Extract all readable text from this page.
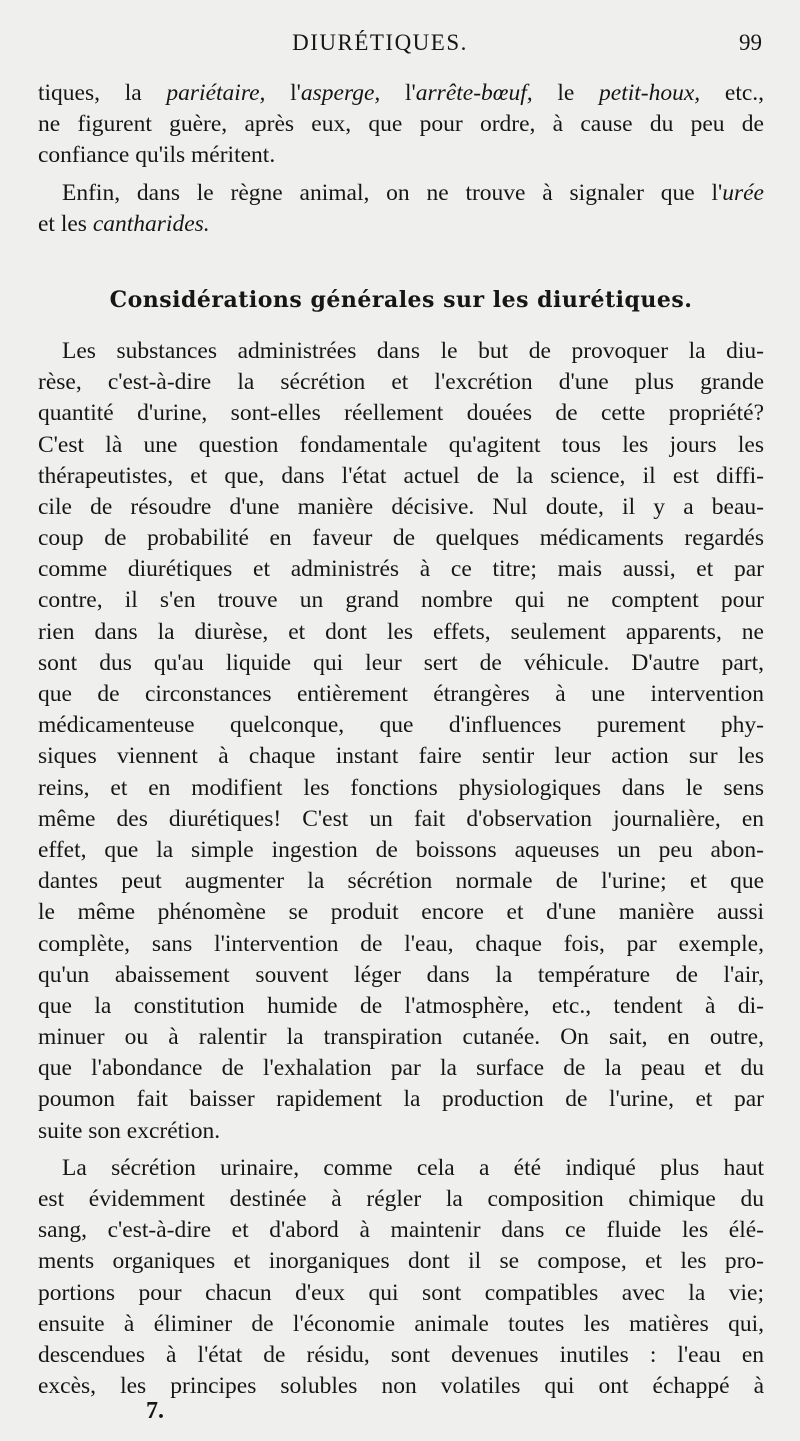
DIURÉTIQUES.	99
tiques, la pariétaire, l'asperge, l'arrête-bœuf, le petit-houx, etc.,
ne figurent guère, après eux, que pour ordre, à cause du peu de
confiance qu'ils méritent.
Enfin, dans le règne animal, on ne trouve à signaler que l'urée
et les cantharides.
Considérations générales sur les diurétiques.
Les substances administrées dans le but de provoquer la diu-
rèse, c'est-à-dire la sécrétion et l'excrétion d'une plus grande
quantité d'urine, sont-elles réellement douées de cette propriété?
C'est là une question fondamentale qu'agitent tous les jours les
thérapeutistes, et que, dans l'état actuel de la science, il est diffi-
cile de résoudre d'une manière décisive. Nul doute, il y a beau-
coup de probabilité en faveur de quelques médicaments regardés
comme diurétiques et administrés à ce titre; mais aussi, et par
contre, il s'en trouve un grand nombre qui ne comptent pour
rien dans la diurèse, et dont les effets, seulement apparents, ne
sont dus qu'au liquide qui leur sert de véhicule. D'autre part,
que de circonstances entièrement étrangères à une intervention
médicamenteuse quelconque, que d'influences purement phy-
siques viennent à chaque instant faire sentir leur action sur les
reins, et en modifient les fonctions physiologiques dans le sens
même des diurétiques! C'est un fait d'observation journalière, en
effet, que la simple ingestion de boissons aqueuses un peu abon-
dantes peut augmenter la sécrétion normale de l'urine; et que
le même phénomène se produit encore et d'une manière aussi
complète, sans l'intervention de l'eau, chaque fois, par exemple,
qu'un abaissement souvent léger dans la température de l'air,
que la constitution humide de l'atmosphère, etc., tendent à di-
minuer ou à ralentir la transpiration cutanée. On sait, en outre,
que l'abondance de l'exhalation par la surface de la peau et du
poumon fait baisser rapidement la production de l'urine, et par
suite son excrétion.
La sécrétion urinaire, comme cela a été indiqué plus haut
est évidemment destinée à régler la composition chimique du
sang, c'est-à-dire et d'abord à maintenir dans ce fluide les élé-
ments organiques et inorganiques dont il se compose, et les pro-
portions pour chacun d'eux qui sont compatibles avec la vie;
ensuite à éliminer de l'économie animale toutes les matières qui,
descendues à l'état de résidu, sont devenues inutiles : l'eau en
excès, les principes solubles non volatiles qui ont échappé à
7.
